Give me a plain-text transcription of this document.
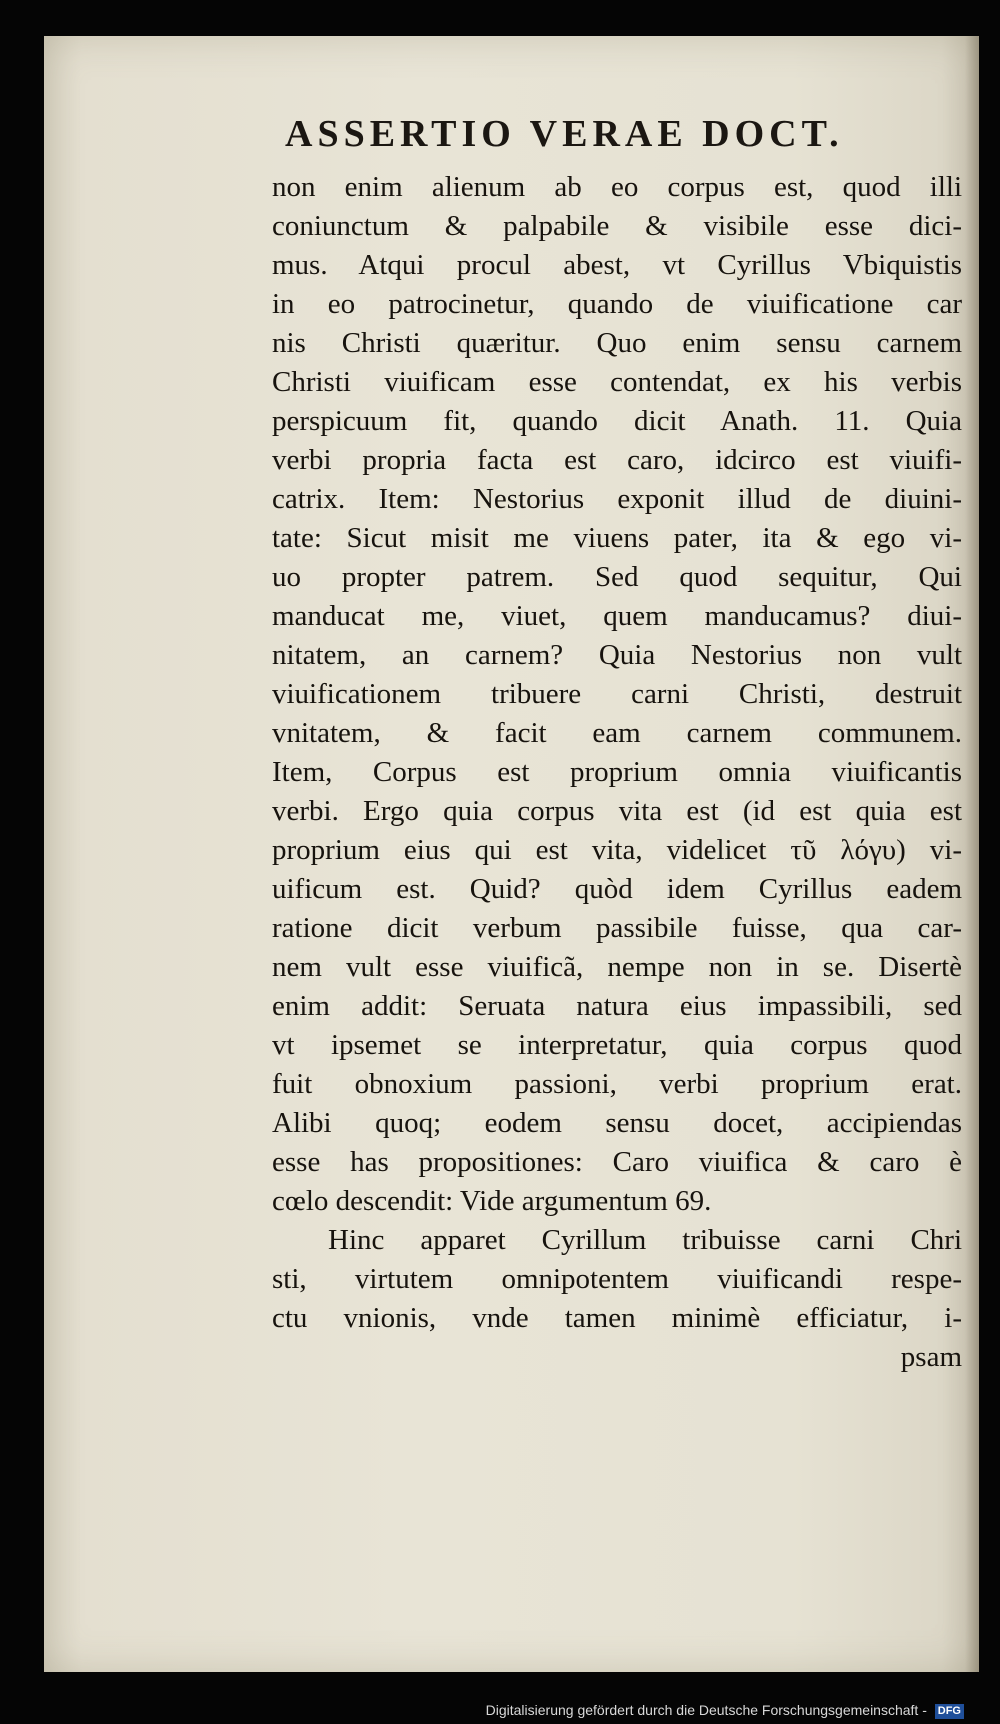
ASSERTIO VERAE DOCT.
non enim alienum ab eo corpus est, quod illi
coniunctum & palpabile & visibile esse dici-
mus. Atqui procul abest, vt Cyrillus Vbiquistis
in eo patrocinetur, quando de viuificatione car
nis Christi quæritur. Quo enim sensu carnem
Christi viuificam esse contendat, ex his verbis
perspicuum fit, quando dicit Anath. 11. Quia
verbi propria facta est caro, idcirco est viuifi-
catrix. Item: Nestorius exponit illud de diuini-
tate: Sicut misit me viuens pater, ita & ego vi-
uo propter patrem. Sed quod sequitur, Qui
manducat me, viuet, quem manducamus? diui-
nitatem, an carnem? Quia Nestorius non vult
viuificationem tribuere carni Christi, destruit
vnitatem, & facit eam carnem communem.
Item, Corpus est proprium omnia viuificantis
verbi. Ergo quia corpus vita est (id est quia est
proprium eius qui est vita, videlicet τῦ λόγυ) vi-
uificum est. Quid? quòd idem Cyrillus eadem
ratione dicit verbum passibile fuisse, qua car-
nem vult esse viuificã, nempe non in se. Disertè
enim addit: Seruata natura eius impassibili, sed
vt ipsemet se interpretatur, quia corpus quod
fuit obnoxium passioni, verbi proprium erat.
Alibi quoq; eodem sensu docet, accipiendas
esse has propositiones: Caro viuifica & caro è
cœlo descendit: Vide argumentum 69.
Hinc apparet Cyrillum tribuisse carni Chri
sti, virtutem omnipotentem viuificandi respe-
ctu vnionis, vnde tamen minimè efficiatur, i-
psam
Digitalisierung gefördert durch die Deutsche Forschungsgemeinschaft - DFG
